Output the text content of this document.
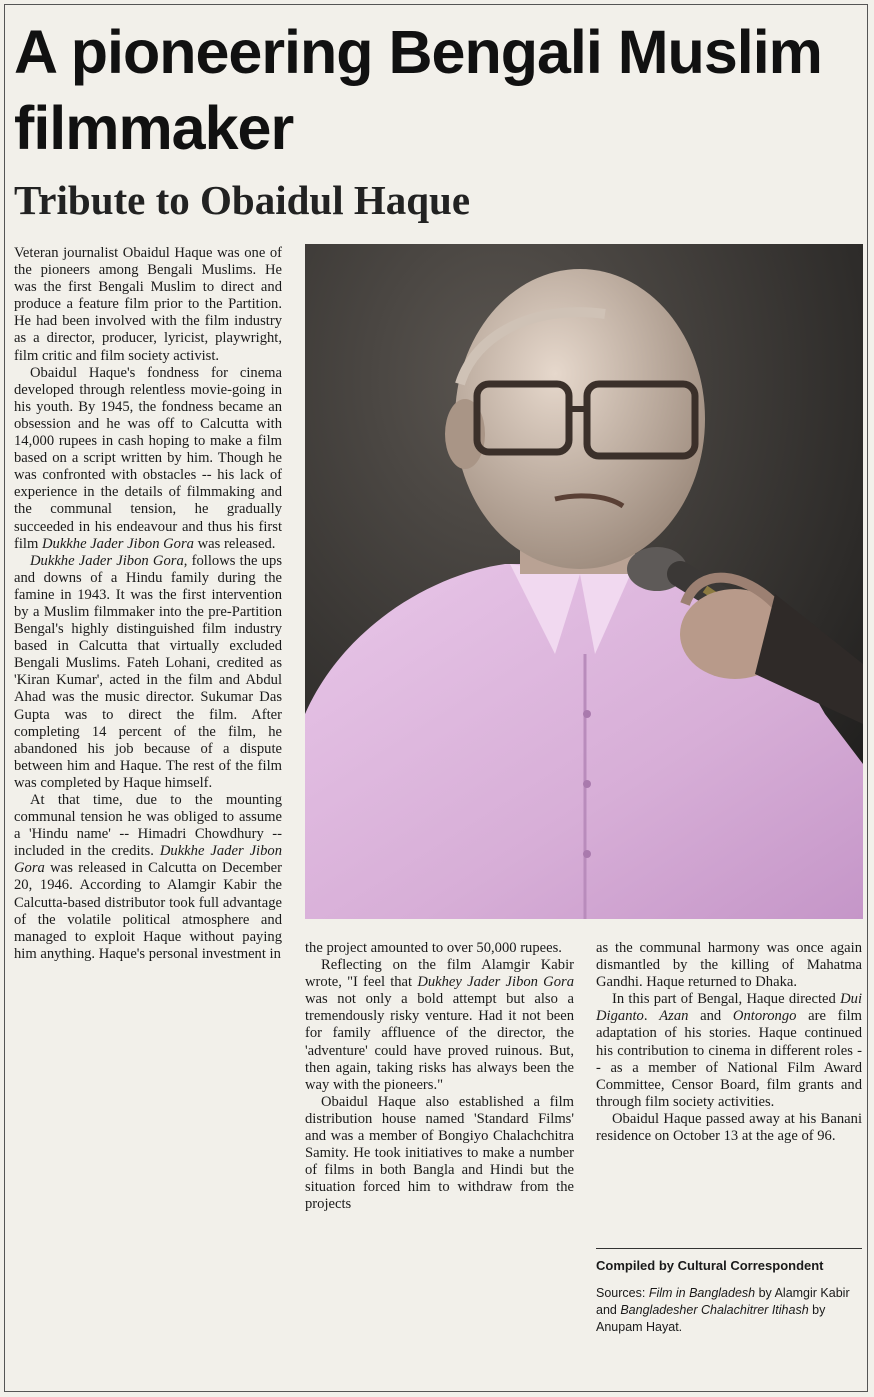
A pioneering Bengali Muslim
filmmaker
Tribute to Obaidul Haque

Veteran journalist Obaidul Haque was one of the pioneers among Bengali Muslims. He was the first Bengali Muslim to direct and produce a feature film prior to the Partition. He had been involved with the film industry as a director, producer, lyricist, playwright, film critic and film society activist.

Obaidul Haque's fondness for cinema developed through relentless movie-going in his youth. By 1945, the fondness became an obsession and he was off to Calcutta with 14,000 rupees in cash hoping to make a film based on a script written by him. Though he was confronted with obstacles -- his lack of experience in the details of filmmaking and the communal tension, he gradually succeeded in his endeavour and thus his first film Dukkhe Jader Jibon Gora was released.

Dukkhe Jader Jibon Gora, follows the ups and downs of a Hindu family during the famine in 1943. It was the first intervention by a Muslim filmmaker into the pre-Partition Bengal's highly distinguished film industry based in Calcutta that virtually excluded Bengali Muslims. Fateh Lohani, credited as 'Kiran Kumar', acted in the film and Abdul Ahad was the music director. Sukumar Das Gupta was to direct the film. After completing 14 percent of the film, he abandoned his job because of a dispute between him and Haque. The rest of the film was completed by Haque himself.

At that time, due to the mounting communal tension he was obliged to assume a 'Hindu name' -- Himadri Chowdhury -- included in the credits. Dukkhe Jader Jibon Gora was released in Calcutta on December 20, 1946. According to Alamgir Kabir the Calcutta-based distributor took full advantage of the volatile political atmosphere and managed to exploit Haque without paying him anything. Haque's personal investment in the project amounted to over 50,000 rupees.

Reflecting on the film Alamgir Kabir wrote, "I feel that Dukhey Jader Jibon Gora was not only a bold attempt but also a tremendously risky venture. Had it not been for family affluence of the director, the 'adventure' could have proved ruinous. But, then again, taking risks has always been the way with the pioneers."

Obaidul Haque also established a film distribution house named 'Standard Films' and was a member of Bongiyo Chalachchitra Samity. He took initiatives to make a number of films in both Bangla and Hindi but the situation forced him to withdraw from the projects

as the communal harmony was once again dismantled by the killing of Mahatma Gandhi. Haque returned to Dhaka.

In this part of Bengal, Haque directed Dui Diganto. Azan and Ontorongo are film adaptation of his stories. Haque continued his contribution to cinema in different roles -- as a member of National Film Award Committee, Censor Board, film grants and through film society activities.

Obaidul Haque passed away at his Banani residence on October 13 at the age of 96.

Compiled by Cultural Correspondent
Sources: Film in Bangladesh by Alamgir Kabir and Bangladesher Chalachitrer Itihash by Anupam Hayat.
